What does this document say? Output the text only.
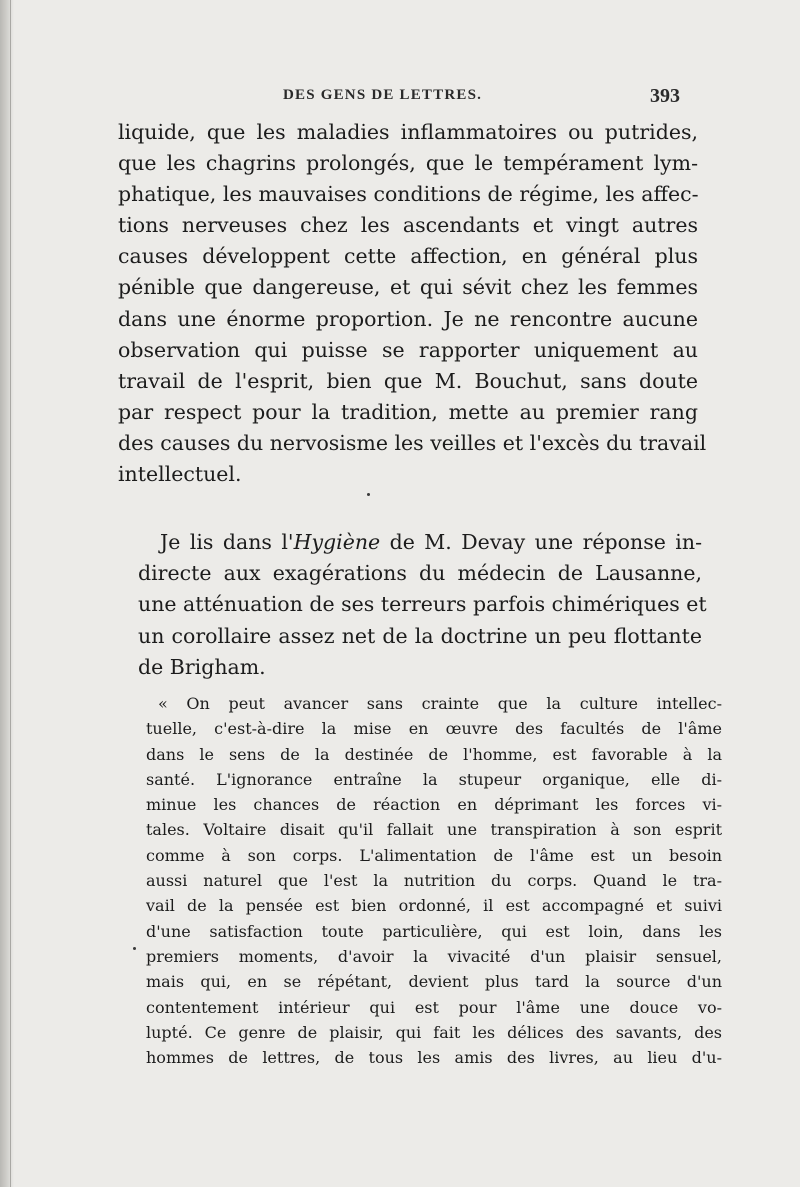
DES GENS DE LETTRES.	393
liquide, que les maladies inflammatoires ou putrides,
que les chagrins prolongés, que le tempérament lym-
phatique, les mauvaises conditions de régime, les affec-
tions nerveuses chez les ascendants et vingt autres
causes développent cette affection, en général plus
pénible que dangereuse, et qui sévit chez les femmes
dans une énorme proportion. Je ne rencontre aucune
observation qui puisse se rapporter uniquement au
travail de l'esprit, bien que M. Bouchut, sans doute
par respect pour la tradition, mette au premier rang
des causes du nervosisme les veilles et l'excès du travail
intellectuel.
Je lis dans l'Hygiène de M. Devay une réponse in-
directe aux exagérations du médecin de Lausanne,
une atténuation de ses terreurs parfois chimériques et
un corollaire assez net de la doctrine un peu flottante
de Brigham.
« On peut avancer sans crainte que la culture intellec-
tuelle, c'est-à-dire la mise en œuvre des facultés de l'âme
dans le sens de la destinée de l'homme, est favorable à la
santé. L'ignorance entraîne la stupeur organique, elle di-
minue les chances de réaction en déprimant les forces vi-
tales. Voltaire disait qu'il fallait une transpiration à son esprit
comme à son corps. L'alimentation de l'âme est un besoin
aussi naturel que l'est la nutrition du corps. Quand le tra-
vail de la pensée est bien ordonné, il est accompagné et suivi
d'une satisfaction toute particulière, qui est loin, dans les
premiers moments, d'avoir la vivacité d'un plaisir sensuel,
mais qui, en se répétant, devient plus tard la source d'un
contentement intérieur qui est pour l'âme une douce vo-
lupté. Ce genre de plaisir, qui fait les délices des savants, des
hommes de lettres, de tous les amis des livres, au lieu d'u-
